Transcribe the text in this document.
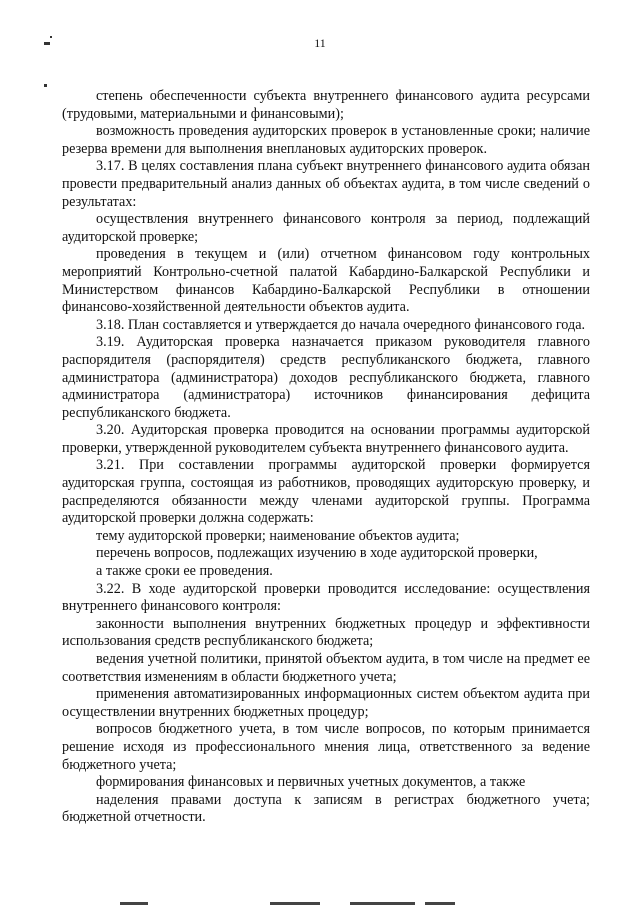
11

степень обеспеченности субъекта внутреннего финансового аудита ресурсами (трудовыми, материальными и финансовыми);

возможность проведения аудиторских проверок в установленные сроки; наличие резерва времени для выполнения внеплановых аудиторских проверок.

3.17. В целях составления плана субъект внутреннего финансового аудита обязан провести предварительный анализ данных об объектах аудита, в том числе сведений о результатах:

осуществления внутреннего финансового контроля за период, подлежащий аудиторской проверке;

проведения в текущем и (или) отчетном финансовом году контрольных мероприятий Контрольно-счетной палатой Кабардино-Балкарской Республики и Министерством финансов Кабардино-Балкарской Республики в отношении финансово-хозяйственной деятельности объектов аудита.

3.18. План составляется и утверждается до начала очередного финансового года.

3.19. Аудиторская проверка назначается приказом руководителя главного распорядителя (распорядителя) средств республиканского бюджета, главного администратора (администратора) доходов республиканского бюджета, главного администратора (администратора) источников финансирования дефицита республиканского бюджета.

3.20. Аудиторская проверка проводится на основании программы аудиторской проверки, утвержденной руководителем субъекта внутреннего финансового аудита.

3.21. При составлении программы аудиторской проверки формируется аудиторская группа, состоящая из работников, проводящих аудиторскую проверку, и распределяются обязанности между членами аудиторской группы. Программа аудиторской проверки должна содержать:

тему аудиторской проверки; наименование объектов аудита;

перечень вопросов, подлежащих изучению в ходе аудиторской проверки,

а также сроки ее проведения.

3.22. В ходе аудиторской проверки проводится исследование: осуществления внутреннего финансового контроля:

законности выполнения внутренних бюджетных процедур и эффективности использования средств республиканского бюджета;

ведения учетной политики, принятой объектом аудита, в том числе на предмет ее соответствия изменениям в области бюджетного учета;

применения автоматизированных информационных систем объектом аудита при осуществлении внутренних бюджетных процедур;

вопросов бюджетного учета, в том числе вопросов, по которым принимается решение исходя из профессионального мнения лица, ответственного за ведение бюджетного учета;

формирования финансовых и первичных учетных документов, а также

наделения правами доступа к записям в регистрах бюджетного учета; бюджетной отчетности.
